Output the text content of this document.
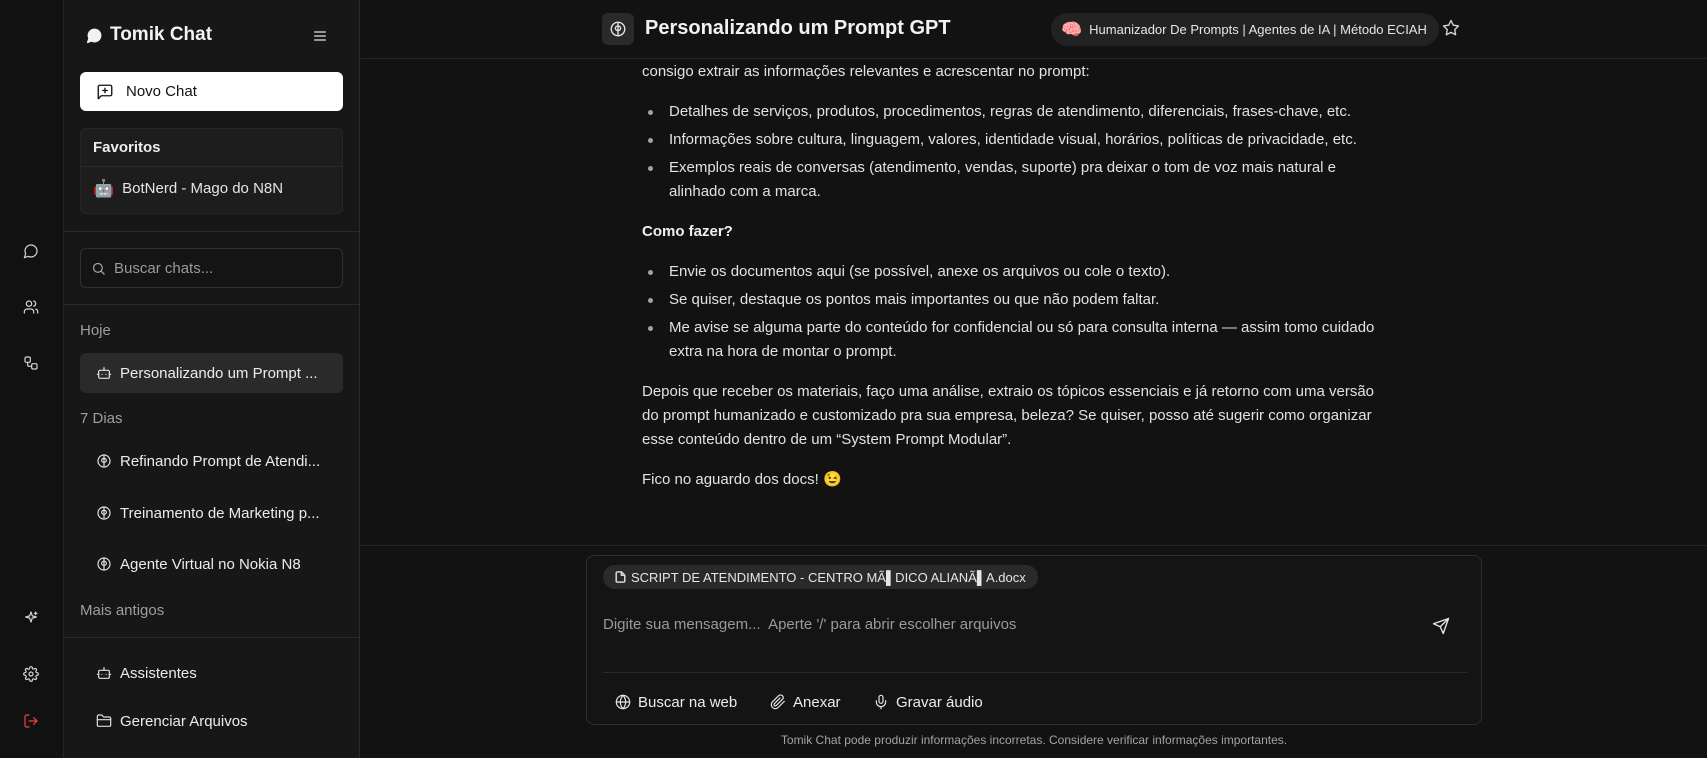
Tomik Chat
Novo Chat
Favoritos
🤖 BotNerd - Mago do N8N
Buscar chats...
Hoje
Personalizando um Prompt ...
7 Dias
Refinando Prompt de Atendi...
Treinamento de Marketing p...
Agente Virtual no Nokia N8
Mais antigos
Assistentes
Gerenciar Arquivos
Personalizando um Prompt GPT	🧠 Humanizador De Prompts | Agentes de IA | Método ECIAH

consigo extrair as informações relevantes e acrescentar no prompt:

Detalhes de serviços, produtos, procedimentos, regras de atendimento, diferenciais, frases-chave, etc.
Informações sobre cultura, linguagem, valores, identidade visual, horários, políticas de privacidade, etc.
Exemplos reais de conversas (atendimento, vendas, suporte) pra deixar o tom de voz mais natural e alinhado com a marca.

Como fazer?

Envie os documentos aqui (se possível, anexe os arquivos ou cole o texto).
Se quiser, destaque os pontos mais importantes ou que não podem faltar.
Me avise se alguma parte do conteúdo for confidencial ou só para consulta interna — assim tomo cuidado extra na hora de montar o prompt.

Depois que receber os materiais, faço uma análise, extraio os tópicos essenciais e já retorno com uma versão do prompt humanizado e customizado pra sua empresa, beleza? Se quiser, posso até sugerir como organizar esse conteúdo dentro de um “System Prompt Modular”.

Fico no aguardo dos docs! 😉

SCRIPT DE ATENDIMENTO - CENTRO MÃ▌DICO ALIANÃ▌A.docx
Digite sua mensagem... Aperte '/' para abrir escolher arquivos
Buscar na web	Anexar	Gravar áudio
Tomik Chat pode produzir informações incorretas. Considere verificar informações importantes.
